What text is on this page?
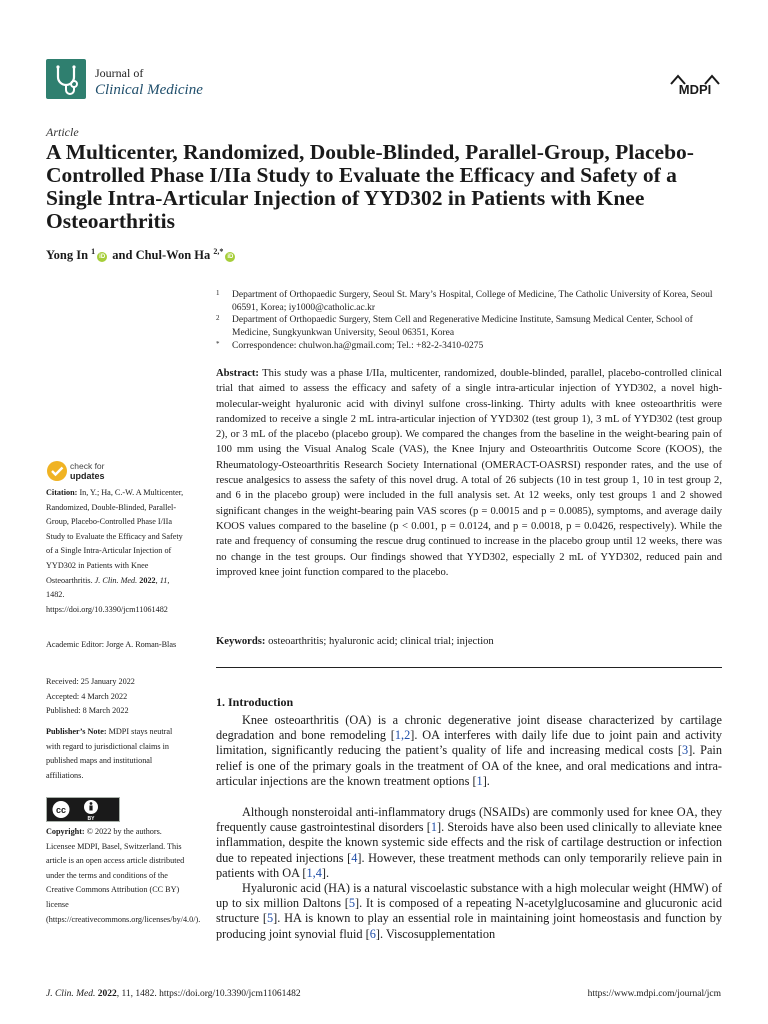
Journal of
Clinical Medicine	MDPI
Article
A Multicenter, Randomized, Double-Blinded, Parallel-Group, Placebo-Controlled Phase I/IIa Study to Evaluate the Efficacy and Safety of a Single Intra-Articular Injection of YYD302 in Patients with Knee Osteoarthritis
Yong In $^1$iD and Chul-Won Ha $^{2,*}$iD
1 Department of Orthopaedic Surgery, Seoul St. Mary’s Hospital, College of Medicine, The Catholic University of Korea, Seoul 06591, Korea; iy1000@catholic.ac.kr
2 Department of Orthopaedic Surgery, Stem Cell and Regenerative Medicine Institute, Samsung Medical Center, School of Medicine, Sungkyunkwan University, Seoul 06351, Korea
* Correspondence: chulwon.ha@gmail.com; Tel.: +82-2-3410-0275

Abstract: This study was a phase I/IIa, multicenter, randomized, double-blinded, parallel, placebo-controlled clinical trial that aimed to assess the efficacy and safety of a single intra-articular injection of YYD302, a novel high-molecular-weight hyaluronic acid with divinyl sulfone cross-linking. Thirty adults with knee osteoarthritis were randomized to receive a single 2 mL intra-articular injection of YYD302 (test group 1), 3 mL of YYD302 (test group 2), or 3 mL of the placebo (placebo group). We compared the changes from the baseline in the weight-bearing pain of 100 mm using the Visual Analog Scale (VAS), the Knee Injury and Osteoarthritis Outcome Score (KOOS), the Rheumatology-Osteoarthritis Research Society International (OMERACT-OASRSI) responder rates, and the use of rescue analgesics to assess the safety of this novel drug. A total of 26 subjects (10 in test group 1, 10 in test group 2, and 6 in the placebo group) were included in the full analysis set. At 12 weeks, only test groups 1 and 2 showed significant changes in the weight-bearing pain VAS scores (p = 0.0015 and p = 0.0085), symptoms, and average daily KOOS values compared to the baseline (p < 0.001, p = 0.0124, and p = 0.0018, p = 0.0426, respectively). While the rate and frequency of consuming the rescue drug continued to increase in the placebo group until 12 weeks, there was no change in the test groups. Our findings showed that YYD302, especially 2 mL of YYD302, reduced pain and improved knee joint function compared to the placebo.

Keywords: osteoarthritis; hyaluronic acid; clinical trial; injection

check for
updates
Citation: In, Y.; Ha, C.-W. A Multicenter, Randomized, Double-Blinded, Parallel-Group, Placebo-Controlled Phase I/IIa Study to Evaluate the Efficacy and Safety of a Single Intra-Articular Injection of YYD302 in Patients with Knee Osteoarthritis. J. Clin. Med. 2022, 11, 1482. https://doi.org/10.3390/jcm11061482
Academic Editor: Jorge A. Roman-Blas
Received: 25 January 2022
Accepted: 4 March 2022
Published: 8 March 2022
Publisher’s Note: MDPI stays neutral with regard to jurisdictional claims in published maps and institutional affiliations.
cc
BY
Copyright: © 2022 by the authors. Licensee MDPI, Basel, Switzerland. This article is an open access article distributed under the terms and conditions of the Creative Commons Attribution (CC BY) license (https://creativecommons.org/licenses/by/4.0/).
1. Introduction

Knee osteoarthritis (OA) is a chronic degenerative joint disease characterized by cartilage degradation and bone remodeling [1,2]. OA interferes with daily life due to joint pain and activity limitation, significantly reducing the patient’s quality of life and increasing medical costs [3]. Pain relief is one of the primary goals in the treatment of OA of the knee, and oral medications and intra-articular injections are the known treatment options [1].

Although nonsteroidal anti-inflammatory drugs (NSAIDs) are commonly used for knee OA, they frequently cause gastrointestinal disorders [1]. Steroids have also been used clinically to alleviate knee inflammation, despite the known systemic side effects and the risk of cartilage destruction or infection due to repeated injections [4]. However, these treatment methods can only temporarily relieve pain in patients with OA [1,4].

Hyaluronic acid (HA) is a natural viscoelastic substance with a high molecular weight (HMW) of up to six million Daltons [5]. It is composed of a repeating N-acetylglucosamine and glucuronic acid structure [5]. HA is known to play an essential role in maintaining joint homeostasis and function by producing joint synovial fluid [6]. Viscosupplementation

J. Clin. Med. 2022, 11, 1482. https://doi.org/10.3390/jcm11061482	https://www.mdpi.com/journal/jcm
